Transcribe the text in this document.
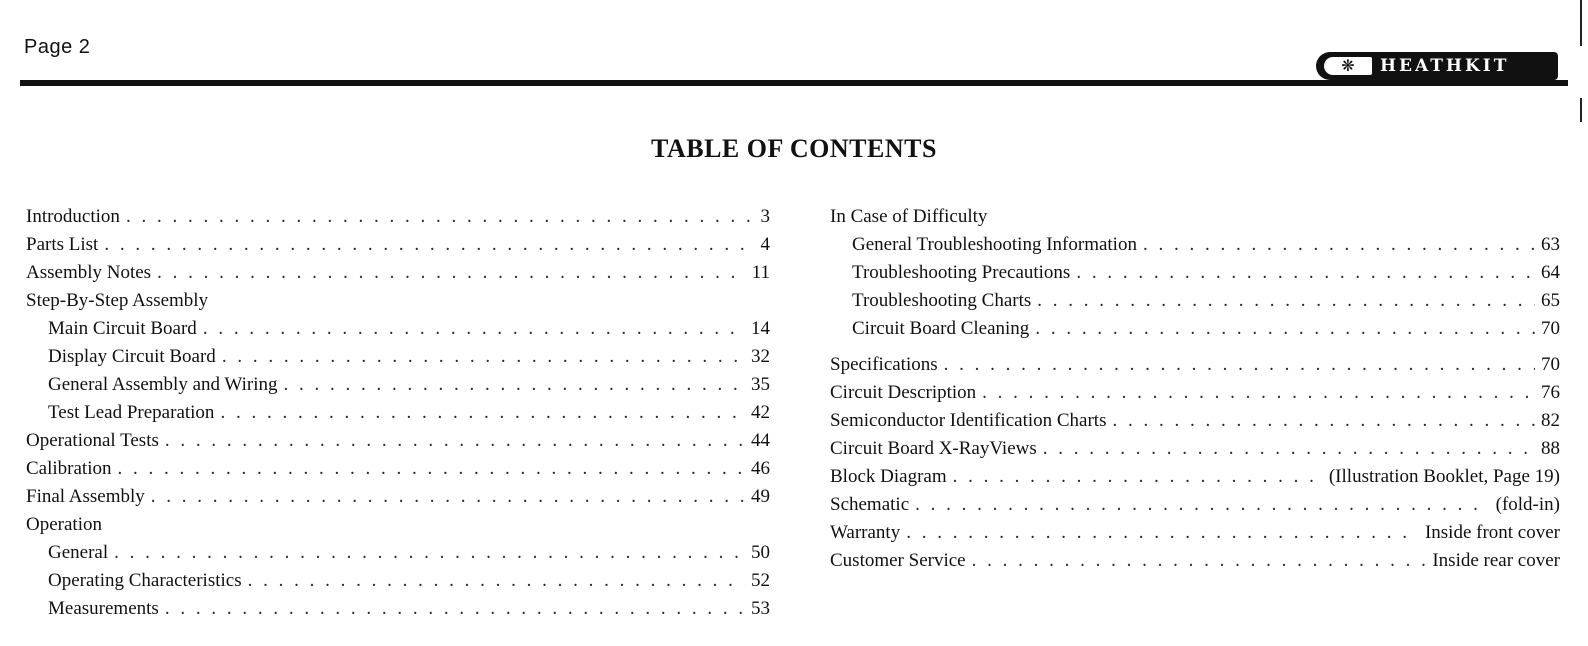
Page 2
❋	HEATHKIT
TABLE OF CONTENTS
Introduction . . .	3
Parts List . . .	4
Assembly Notes . . .	11
Step-By-Step Assembly
Main Circuit Board . . .	14
Display Circuit Board . . .	32
General Assembly and Wiring . . .	35
Test Lead Preparation . . .	42
Operational Tests . . .	44
Calibration . . .	46
Final Assembly . . .	49
Operation
General . . .	50
Operating Characteristics . . .	52
Measurements . . .	53
In Case of Difficulty
General Troubleshooting Information . . .	63
Troubleshooting Precautions . . .	64
Troubleshooting Charts . . .	65
Circuit Board Cleaning . . .	70
Specifications . . .	70
Circuit Description . . .	76
Semiconductor Identification Charts . . .	82
Circuit Board X-RayViews . . .	88
Block Diagram . . .	(Illustration Booklet, Page 19)
Schematic . . .	(fold-in)
Warranty . . .	Inside front cover
Customer Service . . .	Inside rear cover
